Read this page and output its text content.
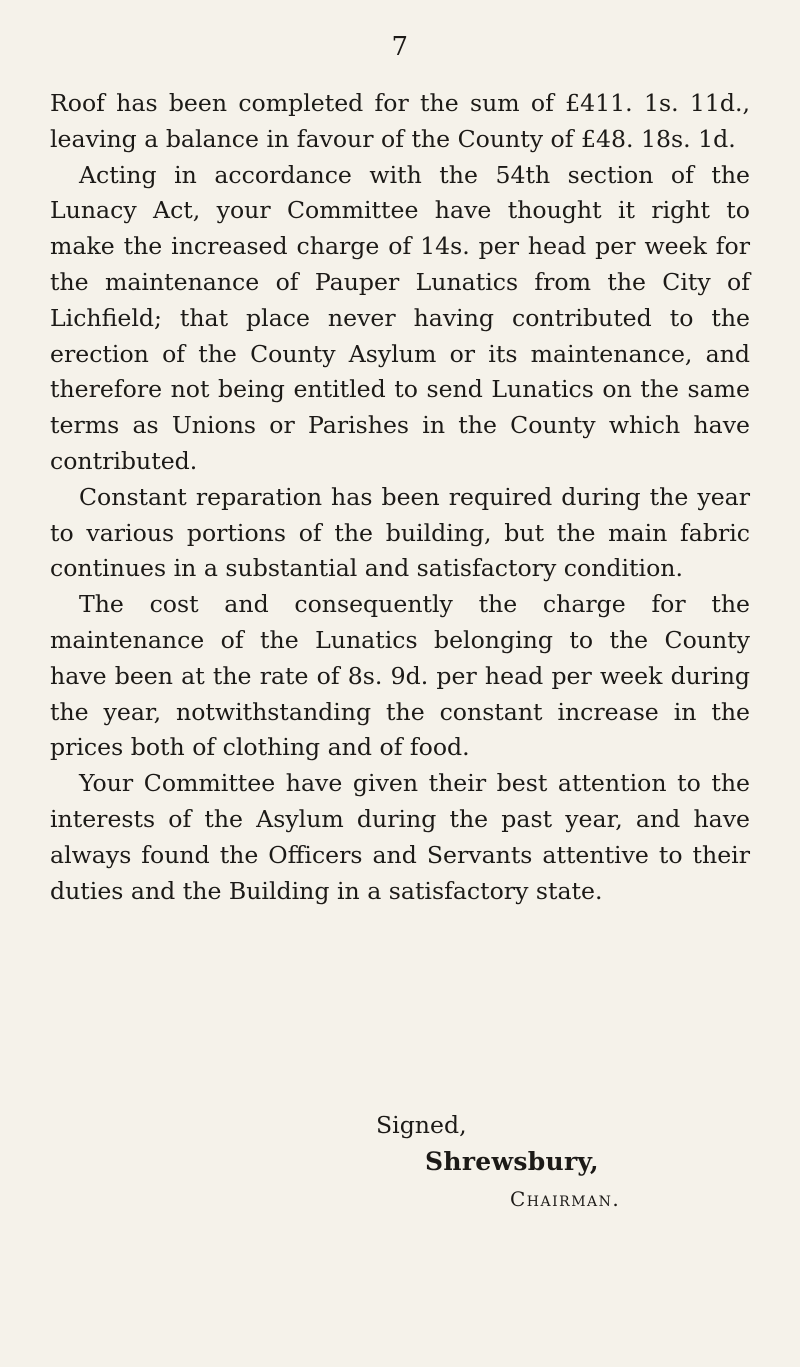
7

Roof has been completed for the sum of £411. 1s. 11d., leaving a balance in favour of the County of £48. 18s. 1d.

Acting in accordance with the 54th section of the Lunacy Act, your Committee have thought it right to make the increased charge of 14s. per head per week for the maintenance of Pauper Lunatics from the City of Lichfield; that place never having contributed to the erection of the County Asylum or its maintenance, and therefore not being entitled to send Lunatics on the same terms as Unions or Parishes in the County which have contributed.

Constant reparation has been required during the year to various portions of the building, but the main fabric continues in a substantial and satisfactory condition.

The cost and consequently the charge for the maintenance of the Lunatics belonging to the County have been at the rate of 8s. 9d. per head per week during the year, notwithstanding the constant increase in the prices both of clothing and of food.

Your Committee have given their best attention to the interests of the Asylum during the past year, and have always found the Officers and Servants attentive to their duties and the Building in a satisfactory state.

Signed,
Shrewsbury,
Chairman.
